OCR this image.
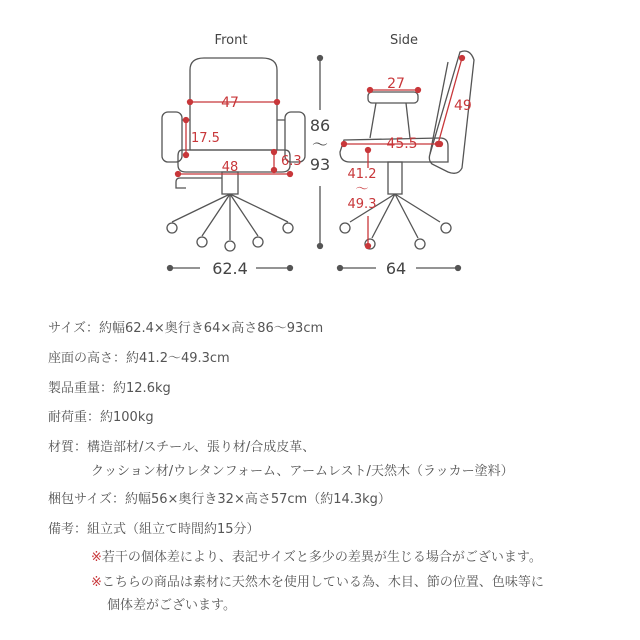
Front
47
17.5
48	6.3
86
〜
93
62.4
Side
27
49
45.5
41.2
〜
49.3
64
サイズ：約幅62.4×奥行き64×高さ86〜93cm
座面の高さ：約41.2〜49.3cm
製品重量：約12.6kg
耐荷重：約100kg
材質：構造部材/スチール、張り材/合成皮革、
クッション材/ウレタンフォーム、アームレスト/天然木（ラッカー塗料）
梱包サイズ：約幅56×奥行き32×高さ57cm（約14.3kg）
備考：組立式（組立て時間約15分）
※若干の個体差により、表記サイズと多少の差異が生じる場合がございます。
※こちらの商品は素材に天然木を使用している為、木目、節の位置、色味等に
個体差がございます。
